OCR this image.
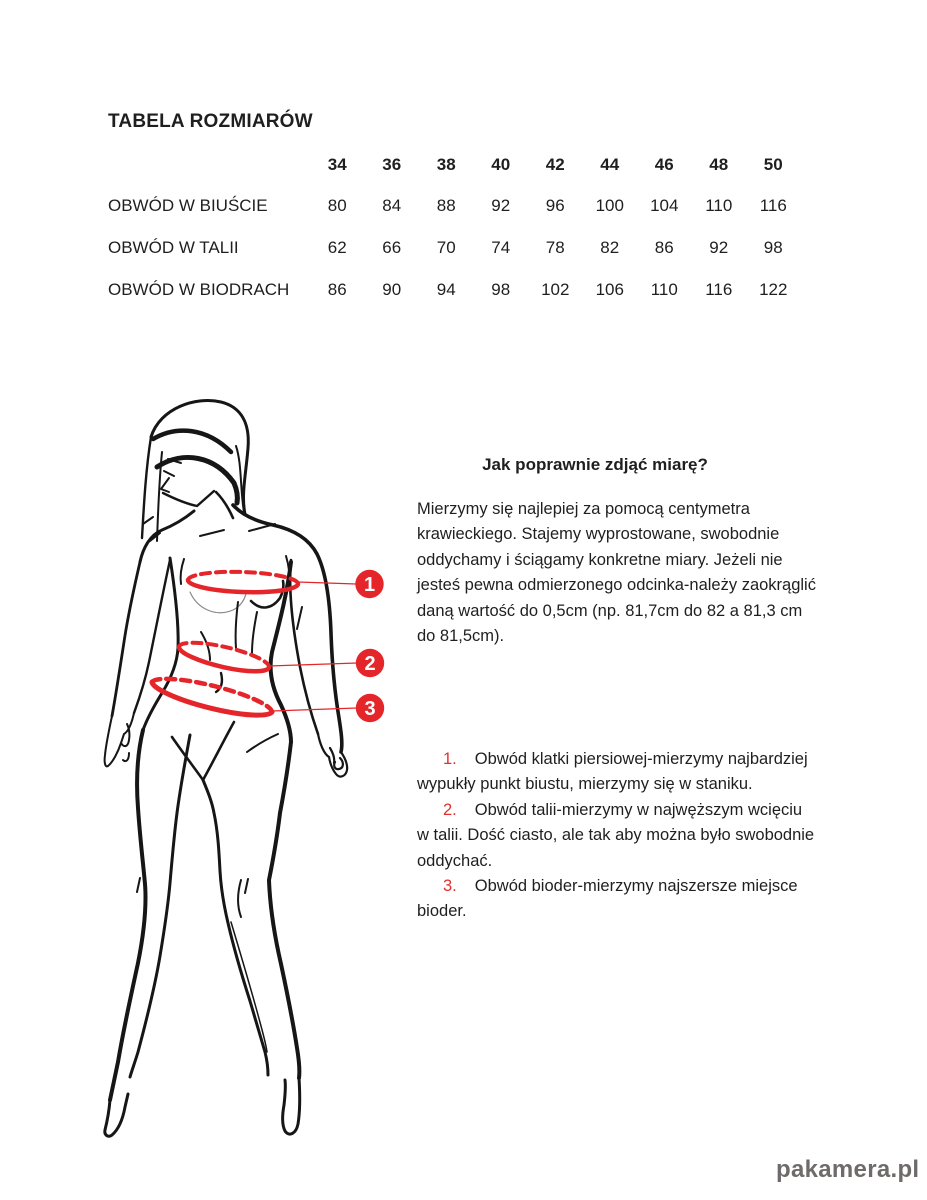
TABELA ROZMIARÓW
34	36	38	40	42	44	46	48	50
OBWÓD W BIUŚCIE	80	84	88	92	96	100	104	110	116
OBWÓD W TALII	62	66	70	74	78	82	86	92	98
OBWÓD W BIODRACH	86	90	94	98	102	106	110	116	122
1
2
3
Jak poprawnie zdjąć miarę?
Mierzymy się najlepiej za pomocą centymetra
krawieckiego. Stajemy wyprostowane, swobodnie
oddychamy i ściągamy konkretne miary. Jeżeli nie
jesteś pewna odmierzonego odcinka-należy zaokrąglić
daną wartość do 0,5cm (np. 81,7cm do 82 a 81,3 cm
do 81,5cm).
1. Obwód klatki piersiowej-mierzymy najbardziej
wypukły punkt biustu, mierzymy się w staniku.
2. Obwód talii-mierzymy w najwęższym wcięciu
w talii. Dość ciasto, ale tak aby można było swobodnie
oddychać.
3. Obwód bioder-mierzymy najszersze miejsce
bioder.
pakamera.pl
